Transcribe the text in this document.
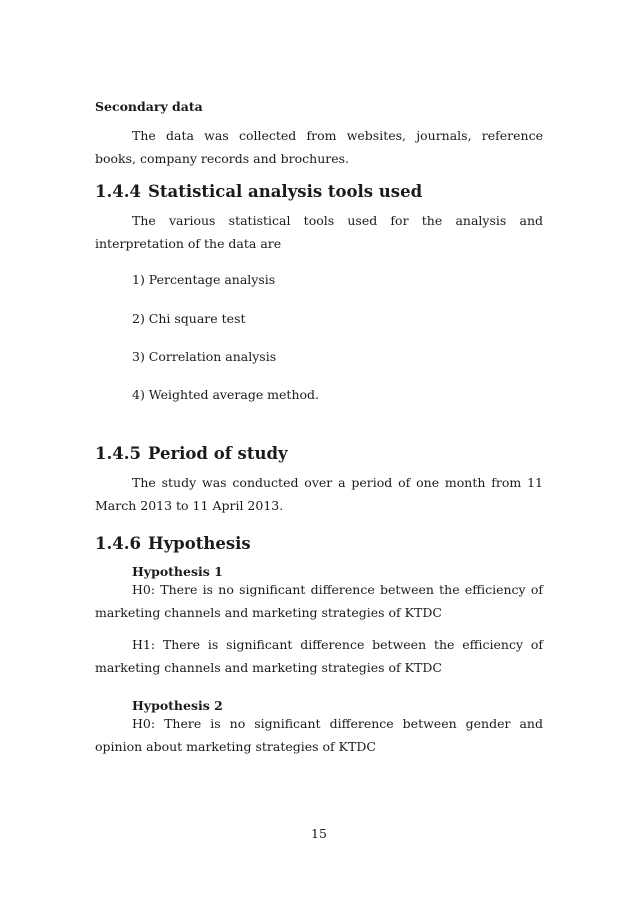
Secondary data

The data was collected from websites, journals, reference books, company records and brochures.

1.4.4 Statistical analysis tools used

The various statistical tools used for the analysis and interpretation of the data are

1) Percentage analysis
2) Chi square test
3) Correlation analysis
4) Weighted average method.
1.4.5 Period of study

The study was conducted over a period of one month from 11 March 2013 to 11 April 2013.

1.4.6 Hypothesis
Hypothesis 1

H0: There is no significant difference between the efficiency of marketing channels and marketing strategies of KTDC

H1: There is significant difference between the efficiency of marketing channels and marketing strategies of KTDC

Hypothesis 2

H0: There is no significant difference between gender and opinion about marketing strategies of KTDC

15
